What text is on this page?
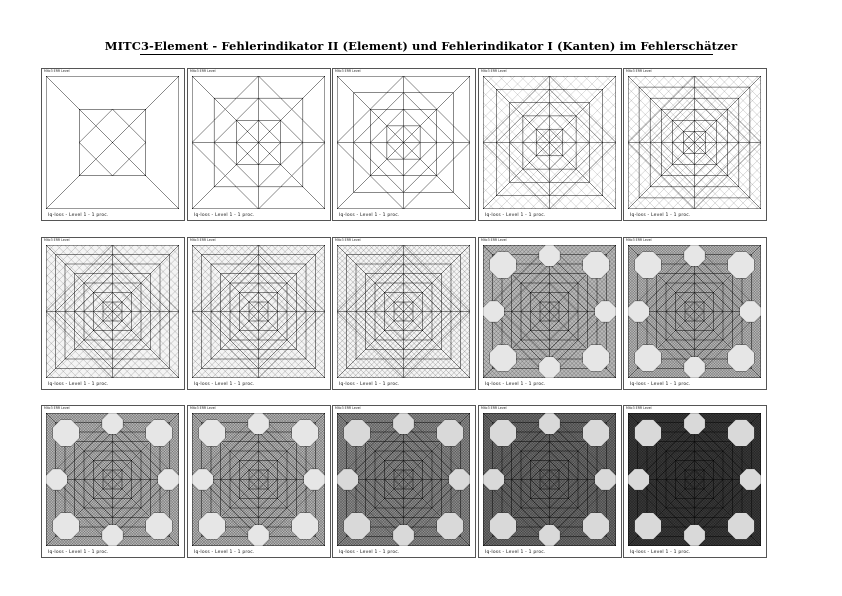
MITC3-Element - Fehlerindikator II (Element) und Fehlerindikator I (Kanten) im Fehlerschätzer
Mitc3 ERR Level
Iq-loss - Level 1 - 1 proc.
Mitc3 ERR Level
Iq-loss - Level 1 - 1 proc.
Mitc3 ERR Level
Iq-loss - Level 1 - 1 proc.
Mitc3 ERR Level
Iq-loss - Level 1 - 1 proc.
Mitc3 ERR Level
Iq-loss - Level 1 - 1 proc.
Mitc3 ERR Level
Iq-loss - Level 1 - 1 proc.
Mitc3 ERR Level
Iq-loss - Level 1 - 1 proc.
Mitc3 ERR Level
Iq-loss - Level 1 - 1 proc.
Mitc3 ERR Level
Iq-loss - Level 1 - 1 proc.
Mitc3 ERR Level
Iq-loss - Level 1 - 1 proc.
Mitc3 ERR Level
Iq-loss - Level 1 - 1 proc.
Mitc3 ERR Level
Iq-loss - Level 1 - 1 proc.
Mitc3 ERR Level
Iq-loss - Level 1 - 1 proc.
Mitc3 ERR Level
Iq-loss - Level 1 - 1 proc.
Mitc3 ERR Level
Iq-loss - Level 1 - 1 proc.
